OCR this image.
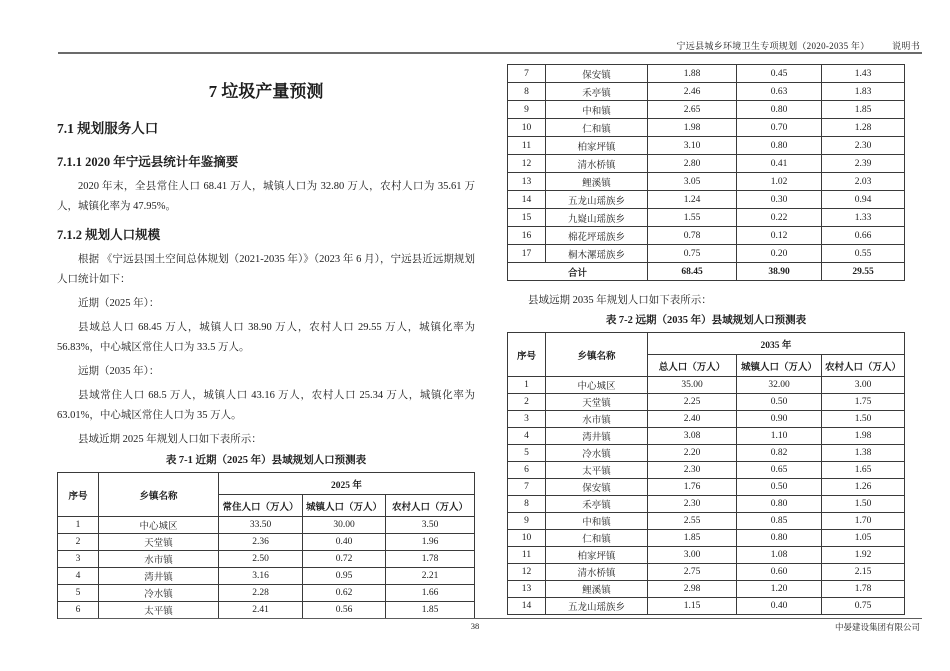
宁远县城乡环境卫生专项规划（2020-2035 年）	说明书
7 垃圾产量预测
7.1 规划服务人口
7.1.1 2020 年宁远县统计年鉴摘要

2020 年末，全县常住人口 68.41 万人，城镇人口为 32.80 万人，农村人口为 35.61 万人，城镇化率为 47.95%。

7.1.2 规划人口规模

根据 《宁远县国土空间总体规划（2021-2035 年）》（2023 年 6 月），宁远县近远期规划人口统计如下：

近期（2025 年）：

县域总人口 68.45 万人，城镇人口 38.90 万人，农村人口 29.55 万人，城镇化率为 56.83%，中心城区常住人口为 33.5 万人。

远期（2035 年）：

县域常住人口 68.5 万人，城镇人口 43.16 万人，农村人口 25.34 万人，城镇化率为 63.01%，中心城区常住人口为 35 万人。

县域近期 2025 年规划人口如下表所示：

表 7-1 近期（2025 年）县域规划人口预测表
序号	乡镇名称	2025 年		
		常住人口（万人）	城镇人口（万人）	农村人口（万人）
1	中心城区	33.50	30.00	3.50
2	天堂镇	2.36	0.40	1.96
3	水市镇	2.50	0.72	1.78
4	湾井镇	3.16	0.95	2.21
5	冷水镇	2.28	0.62	1.66
6	太平镇	2.41	0.56	1.85
7	保安镇	1.88	0.45	1.43
8	禾亭镇	2.46	0.63	1.83
9	中和镇	2.65	0.80	1.85
10	仁和镇	1.98	0.70	1.28
11	柏家坪镇	3.10	0.80	2.30
12	清水桥镇	2.80	0.41	2.39
13	鲤溪镇	3.05	1.02	2.03
14	五龙山瑶族乡	1.24	0.30	0.94
15	九嶷山瑶族乡	1.55	0.22	1.33
16	棉花坪瑶族乡	0.78	0.12	0.66
17	桐木漯瑶族乡	0.75	0.20	0.55
合计		68.45	38.90	29.55

县域远期 2035 年规划人口如下表所示：

表 7-2 远期（2035 年）县域规划人口预测表
序号	乡镇名称	2035 年		
		总人口（万人）	城镇人口（万人）	农村人口（万人）
1	中心城区	35.00	32.00	3.00
2	天堂镇	2.25	0.50	1.75
3	水市镇	2.40	0.90	1.50
4	湾井镇	3.08	1.10	1.98
5	冷水镇	2.20	0.82	1.38
6	太平镇	2.30	0.65	1.65
7	保安镇	1.76	0.50	1.26
8	禾亭镇	2.30	0.80	1.50
9	中和镇	2.55	0.85	1.70
10	仁和镇	1.85	0.80	1.05
11	柏家坪镇	3.00	1.08	1.92
12	清水桥镇	2.75	0.60	2.15
13	鲤溪镇	2.98	1.20	1.78
14	五龙山瑶族乡	1.15	0.40	0.75
38	中晏建设集团有限公司
